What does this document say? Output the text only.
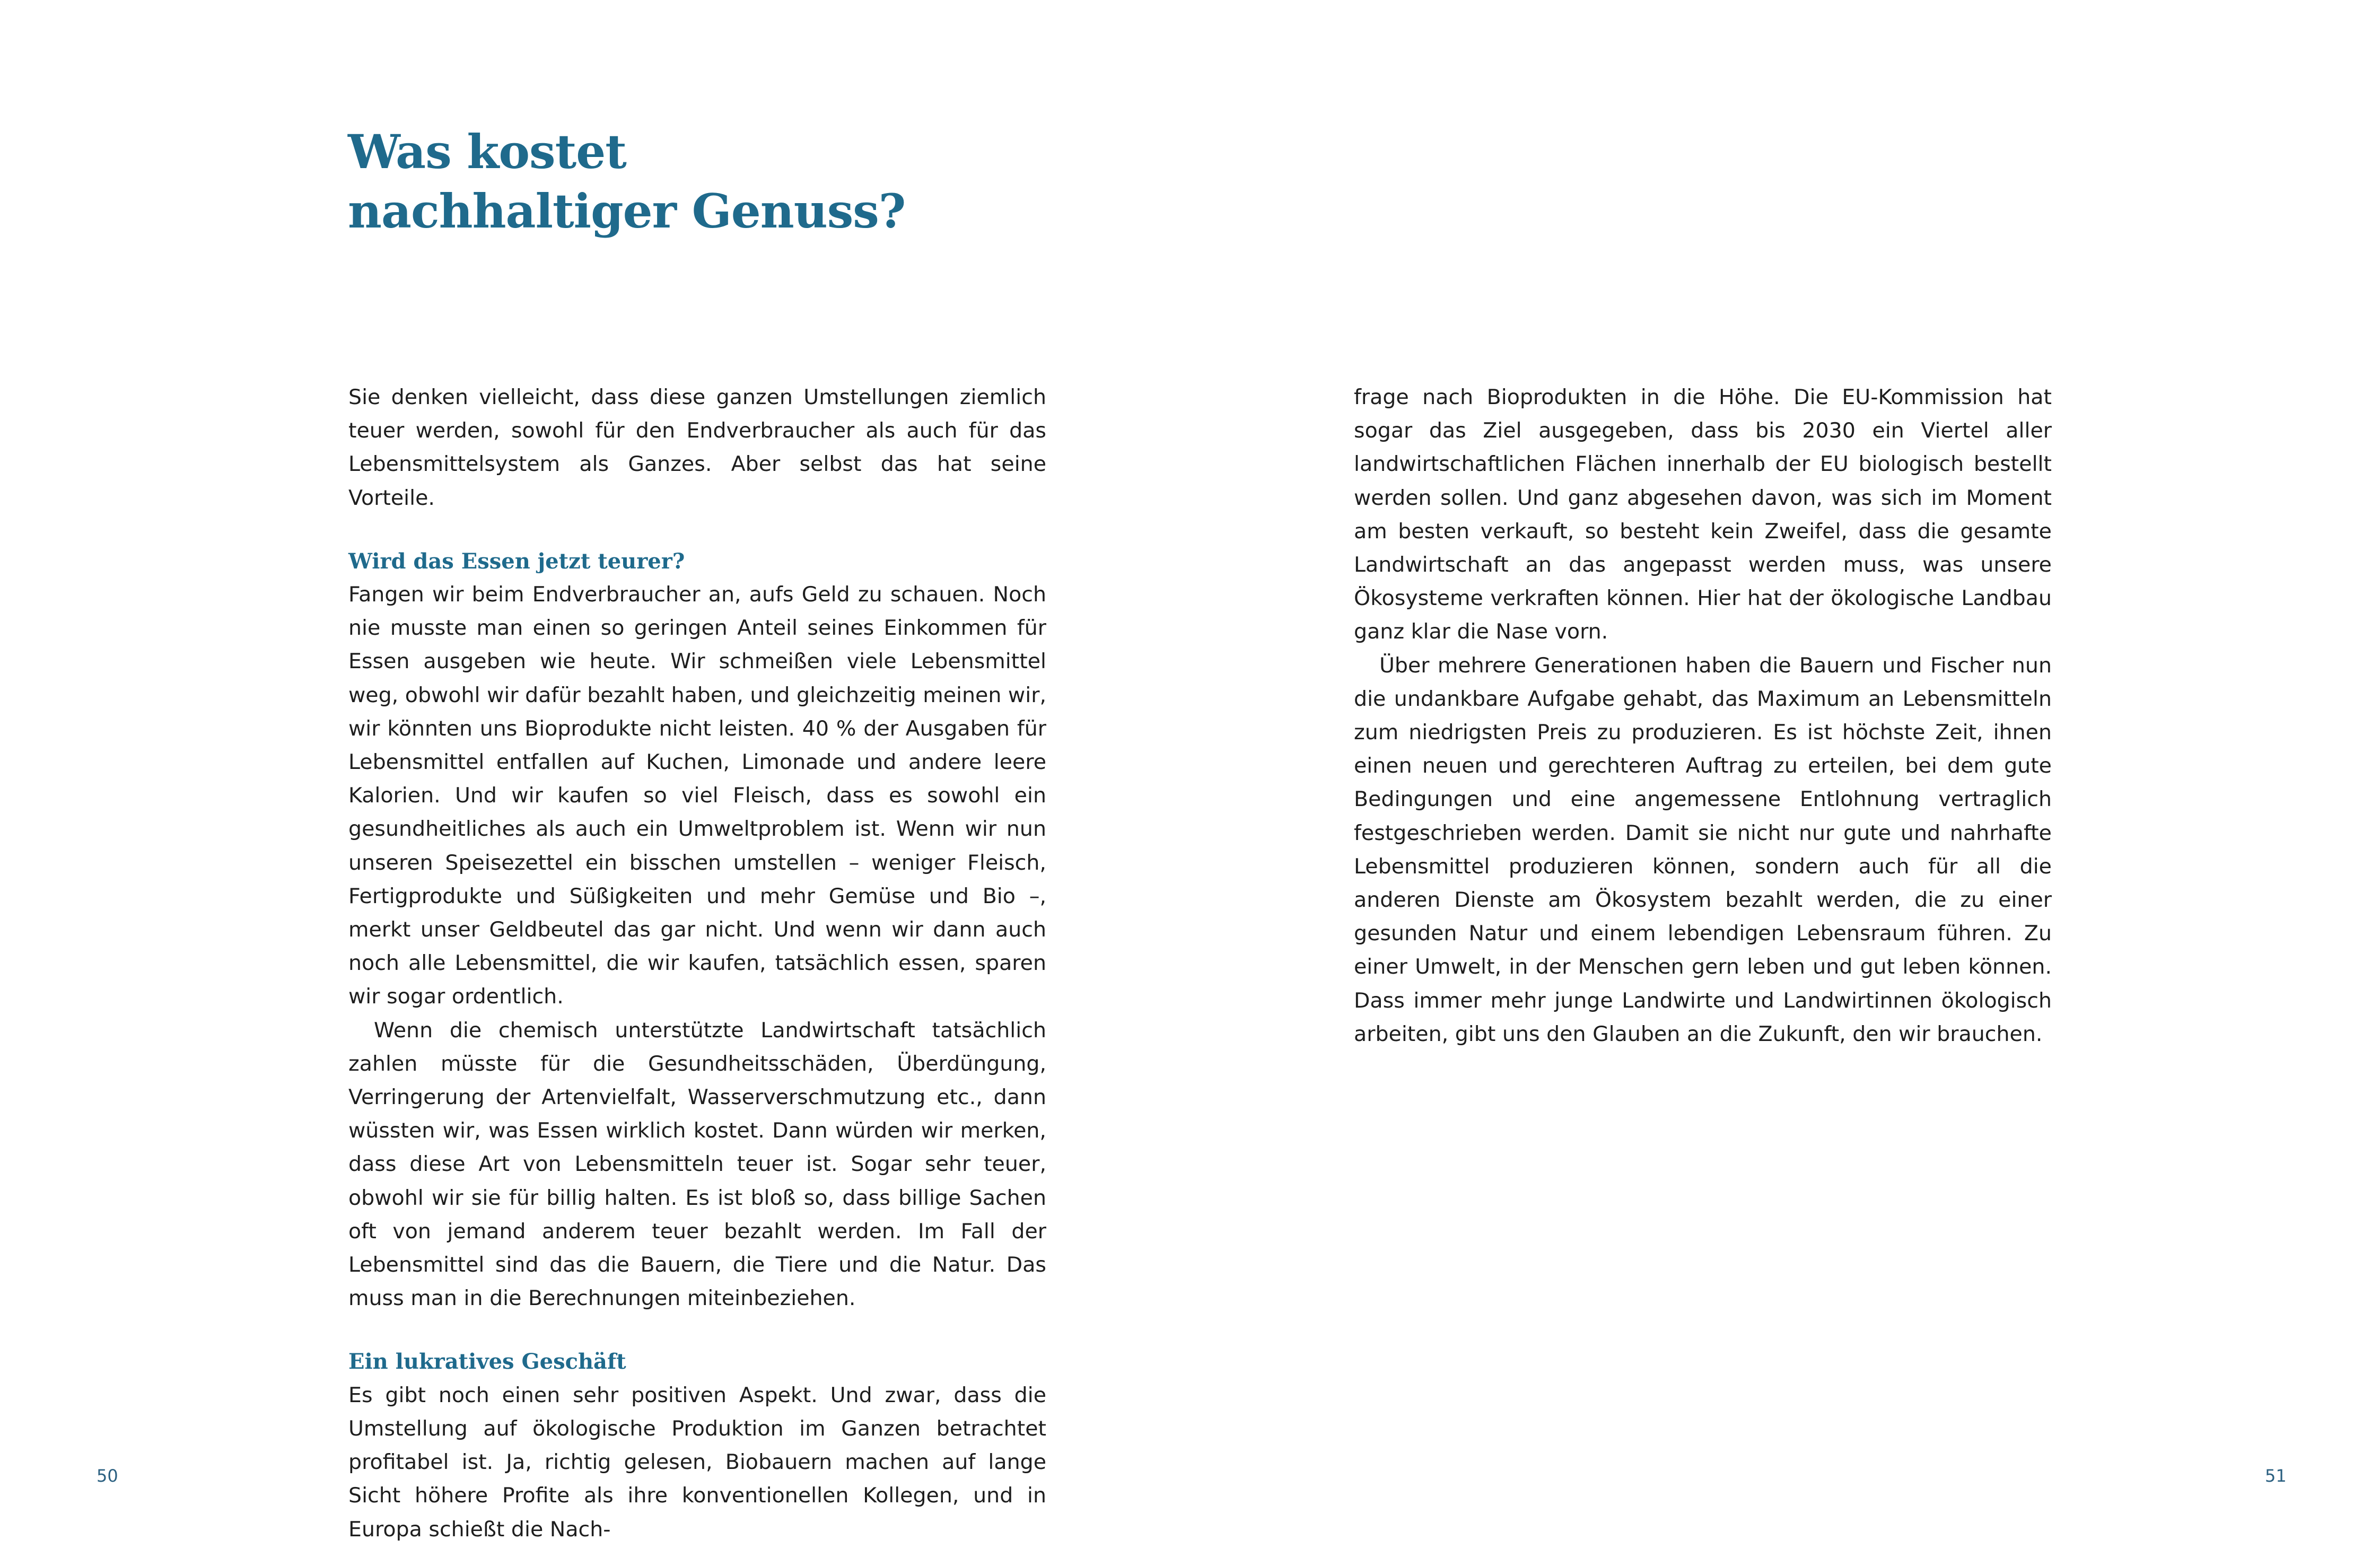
Was kostet
nachhaltiger Genuss?

Sie denken vielleicht, dass diese ganzen Umstellungen ziemlich teuer werden, sowohl für den Endverbraucher als auch für das Lebensmittelsystem als Ganzes. Aber selbst das hat seine Vorteile.

Wird das Essen jetzt teurer?

Fangen wir beim Endverbraucher an, aufs Geld zu schauen. Noch nie musste man einen so geringen Anteil seines Einkommen für Essen ausgeben wie heute. Wir schmeißen viele Lebensmittel weg, obwohl wir dafür bezahlt haben, und gleichzeitig meinen wir, wir könnten uns Bioprodukte nicht leisten. 40 % der Ausgaben für Lebensmittel entfallen auf Kuchen, Limonade und andere leere Kalorien. Und wir kaufen so viel Fleisch, dass es sowohl ein gesundheitliches als auch ein Umweltproblem ist. Wenn wir nun unseren Speisezettel ein bisschen umstellen – weniger Fleisch, Fertigprodukte und Süßigkeiten und mehr Gemüse und Bio –, merkt unser Geldbeutel das gar nicht. Und wenn wir dann auch noch alle Lebensmittel, die wir kaufen, tatsächlich essen, sparen wir sogar ordentlich.

Wenn die chemisch unterstützte Landwirtschaft tatsächlich zahlen müsste für die Gesundheitsschäden, Überdüngung, Verringerung der Artenvielfalt, Wasserverschmutzung etc., dann wüssten wir, was Essen wirklich kostet. Dann würden wir merken, dass diese Art von Lebensmitteln teuer ist. Sogar sehr teuer, obwohl wir sie für billig halten. Es ist bloß so, dass billige Sachen oft von jemand anderem teuer bezahlt werden. Im Fall der Lebensmittel sind das die Bauern, die Tiere und die Natur. Das muss man in die Berechnungen miteinbeziehen.

Ein lukratives Geschäft

Es gibt noch einen sehr positiven Aspekt. Und zwar, dass die Umstellung auf ökologische Produktion im Ganzen betrachtet profitabel ist. Ja, richtig gelesen, Biobauern machen auf lange Sicht höhere Profite als ihre konventionellen Kollegen, und in Europa schießt die Nach-

frage nach Bioprodukten in die Höhe. Die EU-Kommission hat sogar das Ziel ausgegeben, dass bis 2030 ein Viertel aller landwirtschaftlichen Flächen innerhalb der EU biologisch bestellt werden sollen. Und ganz abgesehen davon, was sich im Moment am besten verkauft, so besteht kein Zweifel, dass die gesamte Landwirtschaft an das angepasst werden muss, was unsere Ökosysteme verkraften können. Hier hat der ökologische Landbau ganz klar die Nase vorn.

Über mehrere Generationen haben die Bauern und Fischer nun die undankbare Aufgabe gehabt, das Maximum an Lebensmitteln zum niedrigsten Preis zu produzieren. Es ist höchste Zeit, ihnen einen neuen und gerechteren Auftrag zu erteilen, bei dem gute Bedingungen und eine angemessene Entlohnung vertraglich festgeschrieben werden. Damit sie nicht nur gute und nahrhafte Lebensmittel produzieren können, sondern auch für all die anderen Dienste am Ökosystem bezahlt werden, die zu einer gesunden Natur und einem lebendigen Lebensraum führen. Zu einer Umwelt, in der Menschen gern leben und gut leben können. Dass immer mehr junge Landwirte und Landwirtinnen ökologisch arbeiten, gibt uns den Glauben an die Zukunft, den wir brauchen.

50	51
